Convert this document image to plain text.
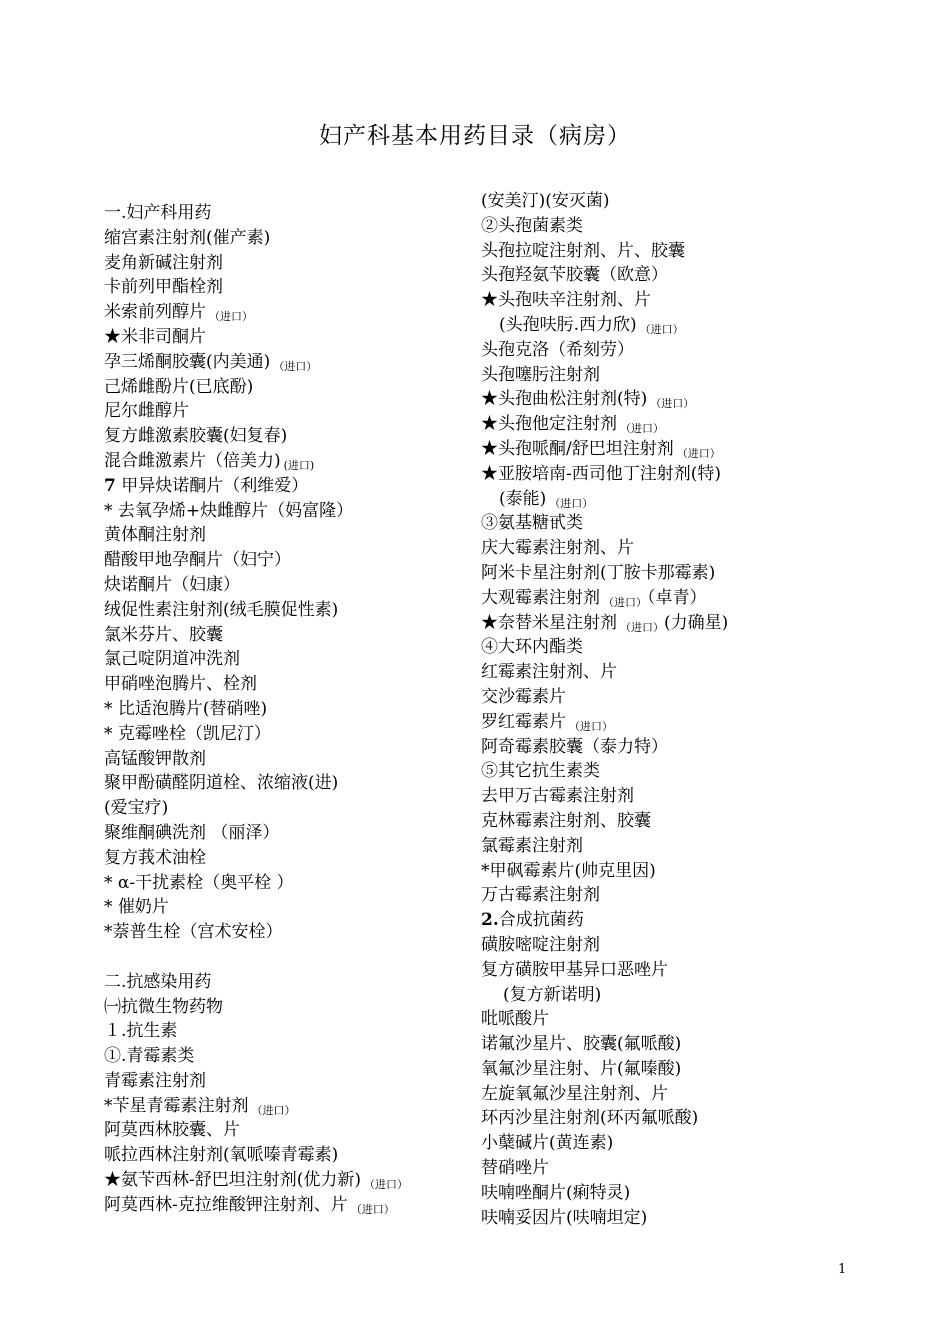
妇产科基本用药目录（病房）
一.妇产科用药
缩宫素注射剂(催产素)
麦角新碱注射剂
卡前列甲酯栓剂
米索前列醇片 （进口）
★米非司酮片
孕三烯酮胶囊(内美通) （进口）
己烯雌酚片(已底酚)
尼尔雌醇片
复方雌激素胶囊(妇复春)
混合雌激素片（倍美力) (进口)
7 甲异炔诺酮片（利维爱）
* 去氧孕烯+炔雌醇片（妈富隆）
黄体酮注射剂
醋酸甲地孕酮片（妇宁）
炔诺酮片（妇康）
绒促性素注射剂(绒毛膜促性素)
氯米芬片、胶囊
氯己啶阴道冲洗剂
甲硝唑泡腾片、栓剂
* 比适泡腾片(替硝唑)
* 克霉唑栓（凯尼汀）
高锰酸钾散剂
聚甲酚磺醛阴道栓、浓缩液(进)
(爱宝疗)
聚维酮碘洗剂 （丽泽）
复方莪术油栓
* α-干扰素栓（奥平栓 ）
* 催奶片
*萘普生栓（宫术安栓）
二.抗感染用药
㈠抗微生物药物
１.抗生素
①.青霉素类
青霉素注射剂
*苄星青霉素注射剂 （进口）
阿莫西林胶囊、片
哌拉西林注射剂(氧哌嗪青霉素)
★氨苄西林-舒巴坦注射剂(优力新) （进口）
阿莫西林-克拉维酸钾注射剂、片 （进口）
(安美汀)(安灭菌)
②头孢菌素类
头孢拉啶注射剂、片、胶囊
头孢羟氨苄胶囊（欧意）
★头孢呋辛注射剂、片
(头孢呋肟.西力欣) （进口）
头孢克洛（希刻劳）
头孢噻肟注射剂
★头孢曲松注射剂(特) （进口）
★头孢他定注射剂 （进口）
★头孢哌酮/舒巴坦注射剂 （进口）
★亚胺培南-西司他丁注射剂(特)
(泰能) （进口）
③氨基糖甙类
庆大霉素注射剂、片
阿米卡星注射剂(丁胺卡那霉素)
大观霉素注射剂 （进口）（卓青）
★奈替米星注射剂 （进口）(力确星)
④大环内酯类
红霉素注射剂、片
交沙霉素片
罗红霉素片 （进口）
阿奇霉素胶囊（泰力特）
⑤其它抗生素类
去甲万古霉素注射剂
克林霉素注射剂、胶囊
氯霉素注射剂
*甲砜霉素片(帅克里因)
万古霉素注射剂
2.合成抗菌药
磺胺嘧啶注射剂
复方磺胺甲基异口恶唑片
(复方新诺明)
吡哌酸片
诺氟沙星片、胶囊(氟哌酸)
氧氟沙星注射、片(氟嗪酸)
左旋氧氟沙星注射剂、片
环丙沙星注射剂(环丙氟哌酸)
小蘖碱片(黄连素)
替硝唑片
呋喃唑酮片(痢特灵)
呋喃妥因片(呋喃坦定)
1
